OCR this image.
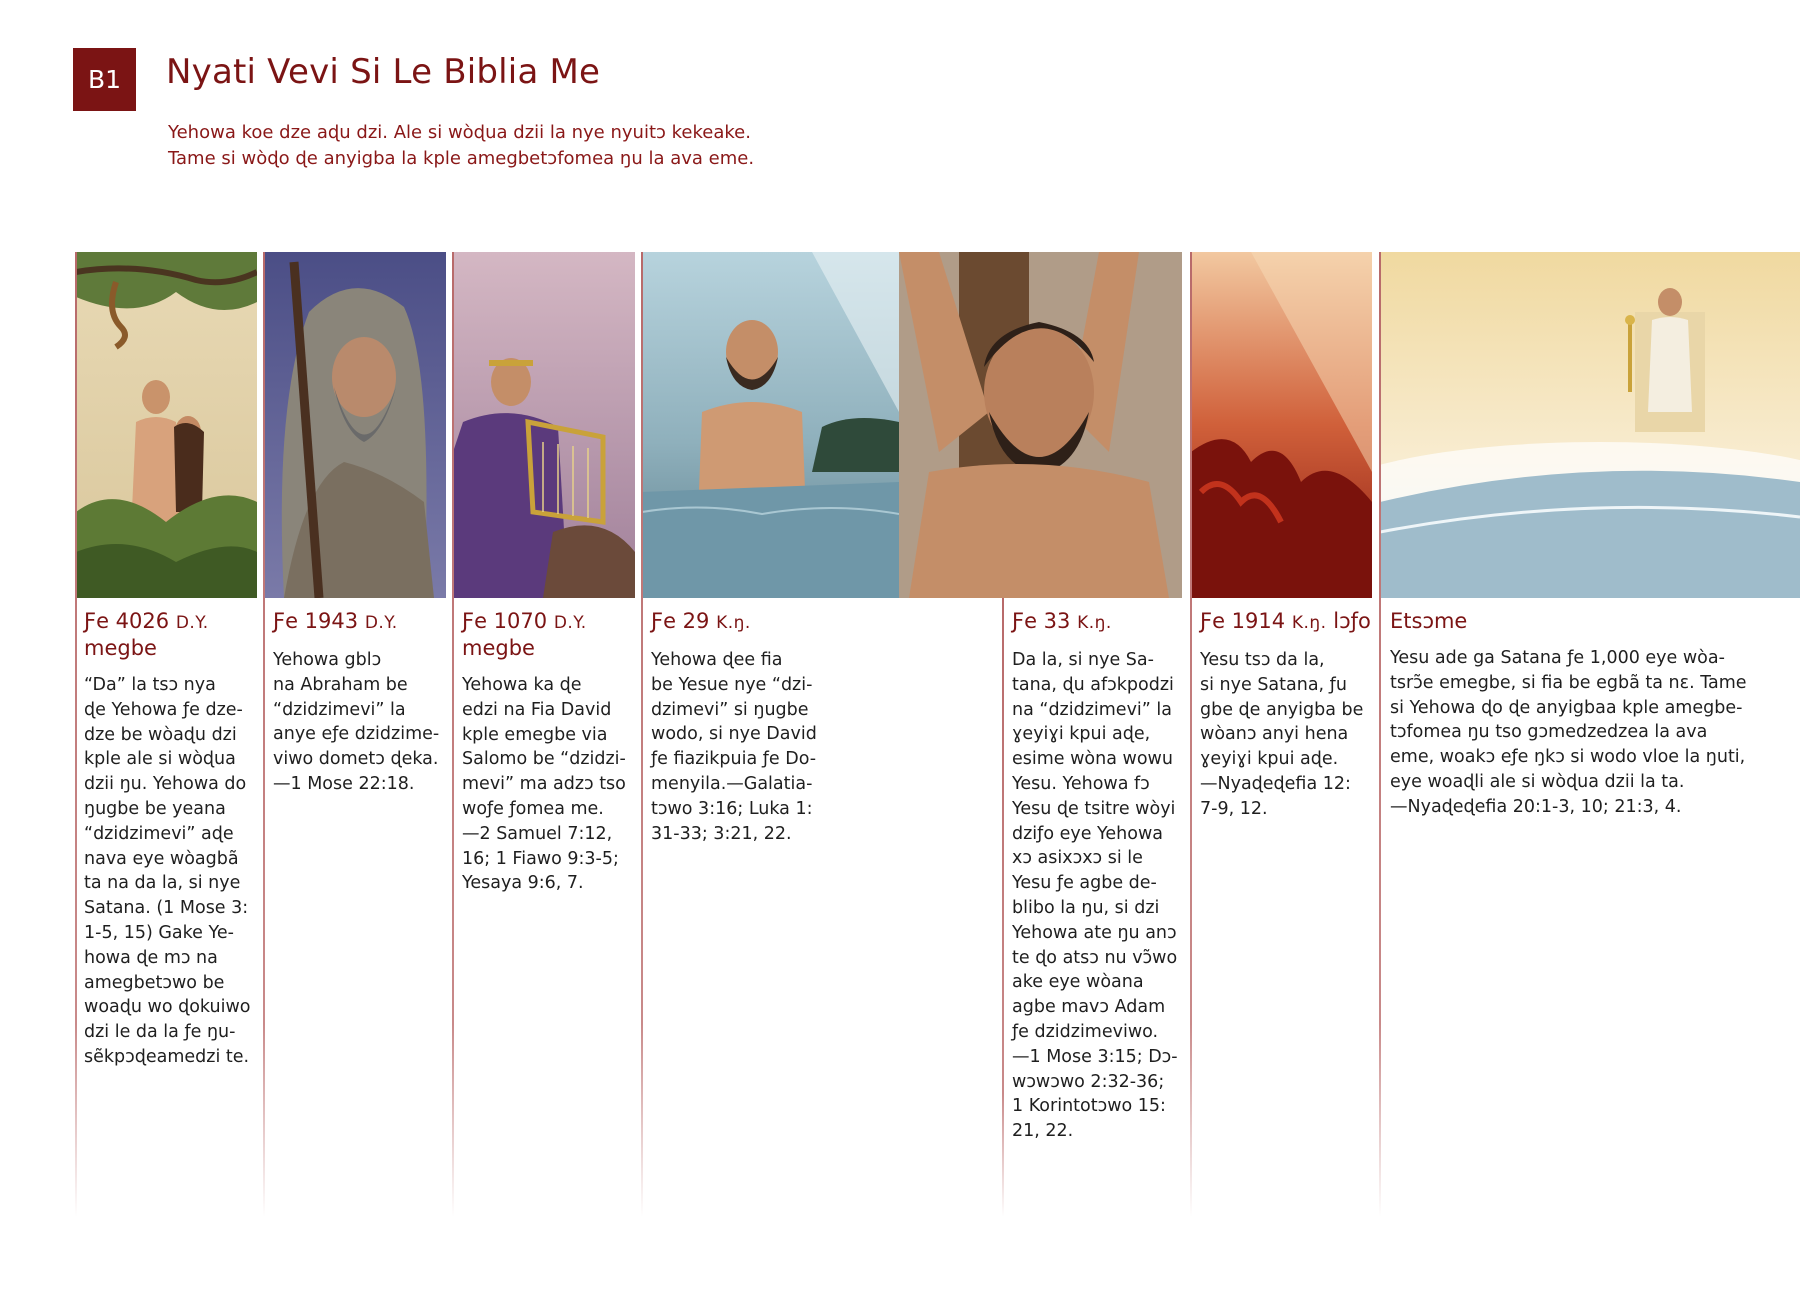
B1	Nyati Vevi Si Le Biblia Me

Yehowa koe dze aɖu dzi. Ale si wòɖua dzii la nye nyuitɔ kekeake.
Tame si wòɖo ɖe anyigba la kple amegbetɔfomea ŋu la ava eme.

Ƒe 4026 D.Y.
megbe

“Da” la tsɔ nya
ɖe Yehowa ƒe dze-
dze be wòaɖu dzi
kple ale si wòɖua
dzii ŋu. Yehowa do
ŋugbe be yeana
“dzidzimevi” aɖe
nava eye wòagbã
ta na da la, si nye
Satana. (1 Mose 3:
1-5, 15) Gake Ye-
howa ɖe mɔ na
amegbetɔwo be
woaɖu wo ɖokuiwo
dzi le da la ƒe ŋu-
sẽkpɔɖeamedzi te.

Ƒe 1943 D.Y.

Yehowa gblɔ
na Abraham be
“dzidzimevi” la
anye eƒe dzidzime-
viwo dometɔ ɖeka.
—1 Mose 22:18.

Ƒe 1070 D.Y.
megbe

Yehowa ka ɖe
edzi na Fia David
kple emegbe via
Salomo be “dzidzi-
mevi” ma adzɔ tso
woƒe ƒomea me.
—2 Samuel 7:12,
16; 1 Fiawo 9:3-5;
Yesaya 9:6, 7.

Ƒe 29 K.ŋ.

Yehowa ɖee fia
be Yesue nye “dzi-
dzimevi” si ŋugbe
wodo, si nye David
ƒe fiazikpuia ƒe Do-
menyila.—Galatia-
tɔwo 3:16; Luka 1:
31-33; 3:21, 22.

Ƒe 33 K.ŋ.

Da la, si nye Sa-
tana, ɖu afɔkpodzi
na “dzidzimevi” la
ɣeyiɣi kpui aɖe,
esime wòna wowu
Yesu. Yehowa fɔ
Yesu ɖe tsitre wòyi
dziƒo eye Yehowa
xɔ asixɔxɔ si le
Yesu ƒe agbe de-
blibo la ŋu, si dzi
Yehowa ate ŋu anɔ
te ɖo atsɔ nu vɔ̃wo
ake eye wòana
agbe mavɔ Adam
ƒe dzidzimeviwo.
—1 Mose 3:15; Dɔ-
wɔwɔwo 2:32-36;
1 Korintotɔwo 15:
21, 22.

Ƒe 1914 K.ŋ. lɔƒo

Yesu tsɔ da la,
si nye Satana, ƒu
gbe ɖe anyigba be
wòanɔ anyi hena
ɣeyiɣi kpui aɖe.
—Nyaɖeɖefia 12:
7-9, 12.

Etsɔme

Yesu ade ga Satana ƒe 1,000 eye wòa-
tsrɔ̃e emegbe, si fia be egbã ta nɛ. Tame
si Yehowa ɖo ɖe anyigbaa kple amegbe-
tɔfomea ŋu tso gɔmedzedzea la ava
eme, woakɔ eƒe ŋkɔ si wodo vloe la ŋuti,
eye woaɖli ale si wòɖua dzii la ta.
—Nyaɖeɖefia 20:1-3, 10; 21:3, 4.
